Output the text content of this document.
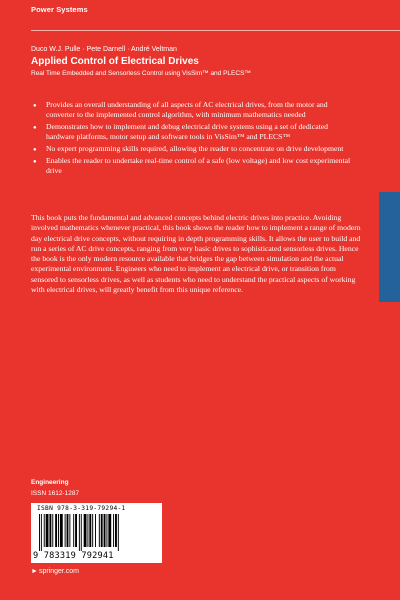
Power Systems
Duco W.J. Pulle · Pete Darnell · André Veltman
Applied Control of Electrical Drives
Real Time Embedded and Sensorless Control using VisSim™ and PLECS™
● Provides an overall understanding of all aspects of AC electrical drives, from the motor and converter to the implemented control algorithm, with minimum mathematics needed
● Demonstrates how to implement and debug electrical drive systems using a set of dedicated hardware platforms, motor setup and software tools in VisSim™ and PLECS™
● No expert programming skills required, allowing the reader to concentrate on drive development
● Enables the reader to undertake real-time control of a safe (low voltage) and low cost experimental drive

This book puts the fundamental and advanced concepts behind electric drives into practice. Avoiding involved mathematics whenever practical, this book shows the reader how to implement a range of modern day electrical drive concepts, without requiring in depth programming skills. It allows the user to build and run a series of AC drive concepts, ranging from very basic drives to sophisticated sensorless drives. Hence the book is the only modern resource available that bridges the gap between simulation and the actual experimental environment. Engineers who need to implement an electrical drive, or transition from sensored to sensorless drives, as well as students who need to understand the practical aspects of working with electrical drives, will greatly benefit from this unique reference.

Engineering
ISSN 1612-1287
ISBN 978-3-319-79294-1
9 783319 792941
► springer.com
